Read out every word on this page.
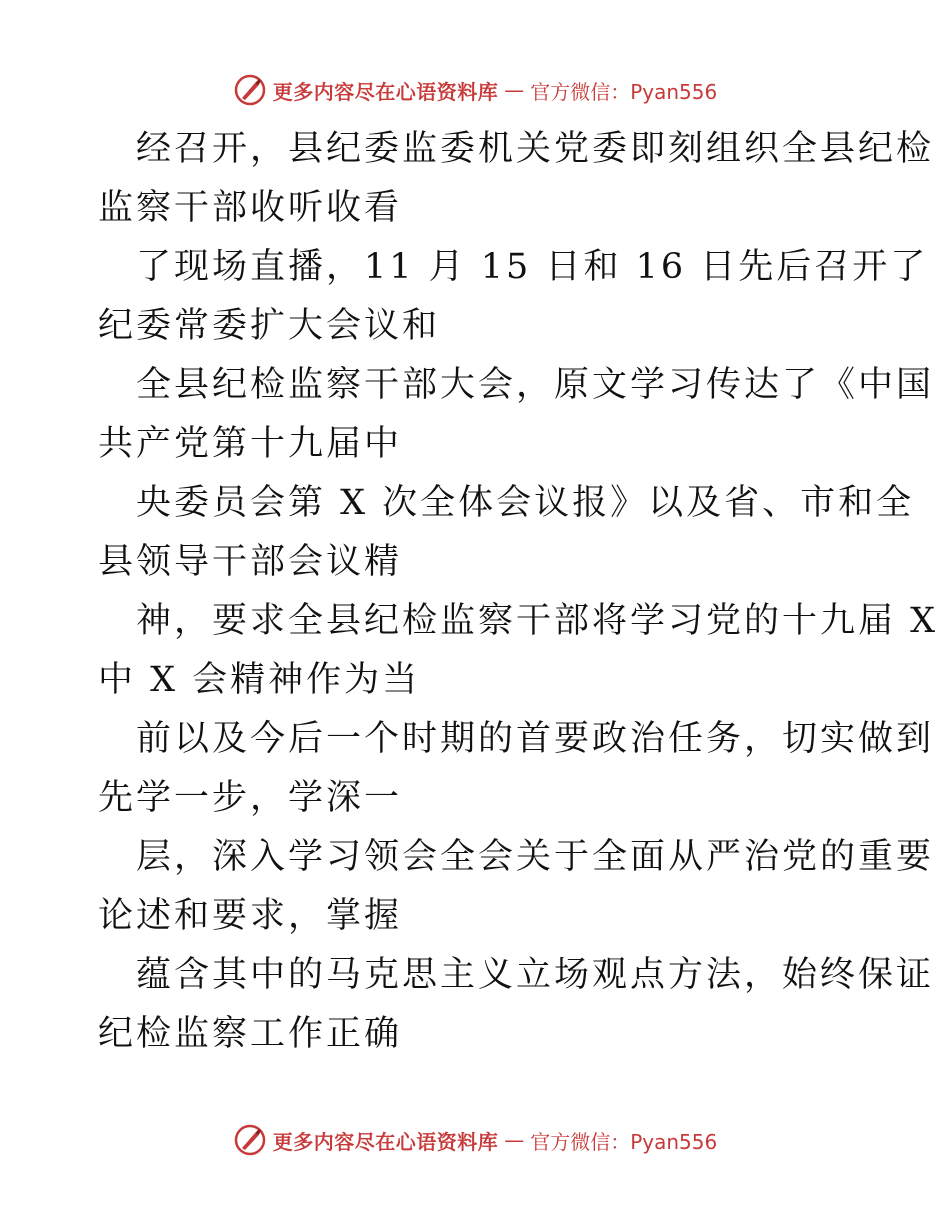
更多内容尽在心语资料库 — 官方微信：Pyan556
经召开，县纪委监委机关党委即刻组织全县纪检
监察干部收听收看
了现场直播，11 月 15 日和 16 日先后召开了
纪委常委扩大会议和
全县纪检监察干部大会，原文学习传达了《中国
共产党第十九届中
央委员会第 X 次全体会议报》以及省、市和全
县领导干部会议精
神，要求全县纪检监察干部将学习党的十九届 X
中 X 会精神作为当
前以及今后一个时期的首要政治任务，切实做到
先学一步，学深一
层，深入学习领会全会关于全面从严治党的重要
论述和要求，掌握
蕴含其中的马克思主义立场观点方法，始终保证
纪检监察工作正确
更多内容尽在心语资料库 — 官方微信：Pyan556
